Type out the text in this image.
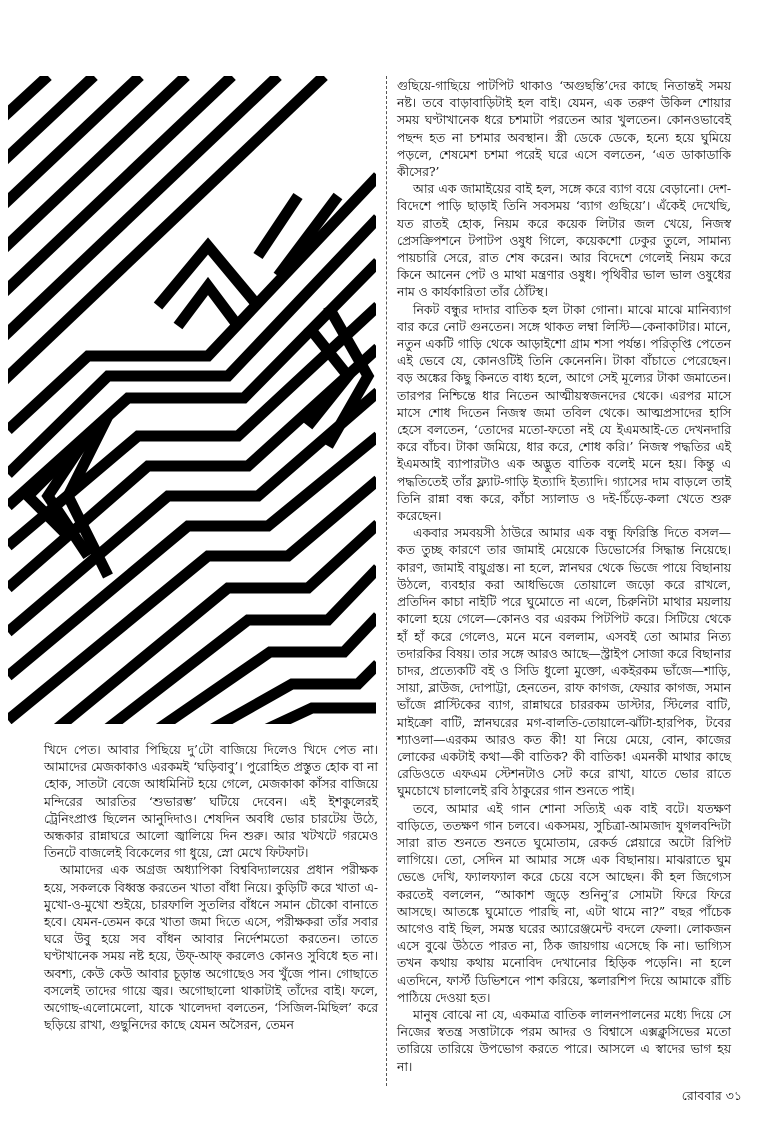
খিদে পেত। আবার পিছিয়ে দু’টো বাজিয়ে দিলেও খিদে পেত না। আমাদের মেজকাকাও এরকমই ‘ঘড়িবাবু’। পুরোহিত প্রস্তুত হোক বা না হোক, সাতটা বেজে আধমিনিট হয়ে গেলে, মেজকাকা কাঁসর বাজিয়ে মন্দিরের আরতির ‘শুভারম্ভ’ ঘটিয়ে দেবেন। এই ইশকুলেরই ট্রেনিংপ্রাপ্ত ছিলেন আনুদিদাও। শেষদিন অবধি ভোর চারটেয় উঠে, অন্ধকার রান্নাঘরে আলো জ্বালিয়ে দিন শুরু। আর খটখটে গরমেও তিনটে বাজলেই বিকেলের গা ধুয়ে, স্নো মেখে ফিটফাট।

আমাদের এক অগ্রজ অধ্যাপিকা বিশ্ববিদ্যালয়ের প্রধান পরীক্ষক হয়ে, সকলকে বিধ্বস্ত করতেন খাতা বাঁধা নিয়ে। কুড়িটি করে খাতা এ-মুখো-ও-মুখো শুইয়ে, চারফালি সুতলির বাঁধনে সমান চৌকো বানাতে হবে। যেমন-তেমন করে খাতা জমা দিতে এসে, পরীক্ষকরা তাঁর সবার ঘরে উবু হয়ে সব বাঁধন আবার নির্দেশমতো করতেন। তাতে ঘণ্টাখানেক সময় নষ্ট হয়ে, উফ্-আফ্ করলেও কোনও সুবিধে হত না। অবশ্য, কেউ কেউ আবার চূড়ান্ত অগোছেও সব খুঁজে পান। গোছাতে বসলেই তাদের গায়ে জ্বর। অগোছালো থাকাটাই তাঁদের বাই। ফলে, অগোছ-এলোমেলো, যাকে খালেদদা বলতেন, ‘সিজিল-মিছিল’ করে ছড়িয়ে রাখা, গুছুনিদের কাছে যেমন অসৈরন, তেমন

গুছিয়ে-গাছিয়ে পাটপিট থাকাও ‘অগুছন্তি’দের কাছে নিতান্তই সময় নষ্ট। তবে বাড়াবাড়িটাই হল বাই। যেমন, এক তরুণ উকিল শোয়ার সময় ঘণ্টাখানেক ধরে চশমাটা পরতেন আর খুলতেন। কোনওভাবেই পছন্দ হত না চশমার অবস্থান। স্ত্রী ডেকে ডেকে, হন্যে হয়ে ঘুমিয়ে পড়লে, শেষমেশ চশমা পরেই ঘরে এসে বলতেন, ‘এত ডাকাডাকি কীসের?’

আর এক জামাইয়ের বাই হল, সঙ্গে করে ব্যাগ বয়ে বেড়ানো। দেশ-বিদেশে পাড়ি ছাড়াই তিনি সবসময় ‘ব্যাগ গুছিয়ে’। এঁকেই দেখেছি, যত রাতই হোক, নিয়ম করে কয়েক লিটার জল খেয়ে, নিজস্ব প্রেসক্রিপশনে টপাটপ ওষুধ গিলে, কয়েকশো ঢেকুর তুলে, সামান্য পায়চারি সেরে, রাত শেষ করেন। আর বিদেশে গেলেই নিয়ম করে কিনে আনেন পেট ও মাথা মন্ত্রণার ওষুধ। পৃথিবীর ভাল ভাল ওষুধের নাম ও কার্যকারিতা তাঁর ঠোঁটস্থ।

নিকট বন্ধুর দাদার বাতিক হল টাকা গোনা। মাঝে মাঝে মানিব্যাগ বার করে নোট গুনতেন। সঙ্গে থাকত লম্বা লিস্টি—কেনাকাটার। মানে, নতুন একটি গাড়ি থেকে আড়াইশো গ্রাম শসা পর্যন্ত। পরিতৃপ্তি পেতেন এই ভেবে যে, কোনওটিই তিনি কেনেননি। টাকা বাঁচাতে পেরেছেন। বড় অঙ্কের কিছু কিনতে বাধ্য হলে, আগে সেই মূল্যের টাকা জমাতেন। তারপর নিশ্চিন্তে ধার নিতেন আত্মীয়স্বজনদের থেকে। এরপর মাসে মাসে শোধ দিতেন নিজস্ব জমা তবিল থেকে। আত্মপ্রসাদের হাসি হেসে বলতেন, ‘তোদের মতো-ফতো নই যে ইএমআই-তে দেখনদারি করে বাঁচব। টাকা জমিয়ে, ধার করে, শোধ করি।’ নিজস্ব পদ্ধতির এই ইএমআই ব্যাপারটাও এক অদ্ভুত বাতিক বলেই মনে হয়। কিন্তু এ পদ্ধতিতেই তাঁর ফ্ল্যাট-গাড়ি ইত্যাদি ইত্যাদি। গ্যাসের দাম বাড়লে তাই তিনি রান্না বন্ধ করে, কাঁচা স্যালাড ও দই-চিঁড়ে-কলা খেতে শুরু করেছেন।

একবার সমবয়সী ঠাউরে আমার এক বন্ধু ফিরিস্তি দিতে বসল—কত তুচ্ছ কারণে তার জামাই মেয়েকে ডিভোর্সের সিদ্ধান্ত নিয়েছে। কারণ, জামাই বায়ুগ্রস্ত। না হলে, স্নানঘর থেকে ভিজে পায়ে বিছানায় উঠলে, ব্যবহার করা আধভিজে তোয়ালে জড়ো করে রাখলে, প্রতিদিন কাচা নাইটি পরে ঘুমোতে না এলে, চিরুনিটা মাথার ময়লায় কালো হয়ে গেলে—কোনও বর এরকম পিটপিট করে। সিটিয়ে থেকে হাঁ হাঁ করে গেলেও, মনে মনে বললাম, এসবই তো আমার নিত্য তদারকির বিষয়। তার সঙ্গে আরও আছে—স্ট্রাইপ সোজা করে বিছানার চাদর, প্রত্যেকটি বই ও সিডি ধুলো মুক্তো, একইরকম ভাঁজে—শাড়ি, সায়া, ব্লাউজ, দোপাট্টা, হেনতেন, রাফ কাগজ, ফেয়ার কাগজ, সমান ভাঁজে প্লাস্টিকের ব্যাগ, রান্নাঘরে চাররকম ডাস্টার, স্টিলের বাটি, মাইক্রো বাটি, স্নানঘরের মগ-বালতি-তোয়ালে-ঝাঁটা-হারপিক, টবের শ্যাওলা—এরকম আরও কত কী! যা নিয়ে মেয়ে, বোন, কাজের লোকের একটাই কথা—কী বাতিক? কী বাতিক! এমনকী মাথার কাছে রেডিওতে এফএম স্টেশনটাও সেট করে রাখা, যাতে ভোর রাতে ঘুমচোখে চালালেই রবি ঠাকুরের গান শুনতে পাই।

তবে, আমার এই গান শোনা সত্যিই এক বাই বটে। যতক্ষণ বাড়িতে, ততক্ষণ গান চলবে। একসময়, সুচিত্রা-আমজাদ যুগলবন্দিটা সারা রাত শুনতে শুনতে ঘুমোতাম, রেকর্ড প্লেয়ারে অটো রিপিট লাগিয়ে। তো, সেদিন মা আমার সঙ্গে এক বিছানায়। মাঝরাতে ঘুম ভেঙে দেখি, ফ্যালফ্যাল করে চেয়ে বসে আছেন। কী হল জিগ্যেস করতেই বললেন, “আকাশ জুড়ে শুনিনু’র সোমটা ফিরে ফিরে আসছে। আতঙ্কে ঘুমোতে পারছি না, এটা থামে না?” বছর পাঁচেক আগেও বাই ছিল, সমস্ত ঘরের অ্যারেঞ্জমেন্ট বদলে ফেলা। লোকজন এসে বুঝে উঠতে পারত না, ঠিক জায়গায় এসেছে কি না। ভাগ্যিস তখন কথায় কথায় মনোবিদ দেখানোর হিড়িক পড়েনি। না হলে এতদিনে, ফার্স্ট ডিভিশনে পাশ করিয়ে, স্কলারশিপ দিয়ে আমাকে রাঁচি পাঠিয়ে দেওয়া হত।

মানুষ বোঝে না যে, একমাত্র বাতিক লালনপালনের মধ্যে দিয়ে সে নিজের স্বতন্ত্র সত্তাটাকে পরম আদর ও বিশ্বাসে এক্সক্লুসিভের মতো তারিয়ে তারিয়ে উপভোগ করতে পারে। আসলে এ স্বাদের ভাগ হয় না।

রোববার ৩১
